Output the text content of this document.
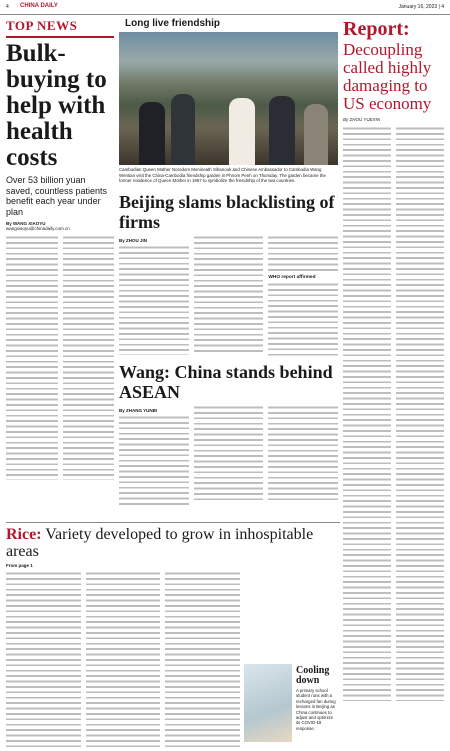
4 CHINA DAILY	January 16, 2023 | 4
TOP NEWS
Bulk-buying to help with health costs
Over 53 billion yuan saved, countless patients benefit each year under plan
By WANG XIAOYU
wangxiaoyu@chinadaily.com.cn
Long live friendship
Cambodian Queen Mother Norodom Monineath Sihanouk and Chinese Ambassador to Cambodia Wang Wentian visit the China-Cambodia friendship garden in Phnom Penh on Thursday. The garden became the former residence of Queen Mother in 1967 to symbolize the friendship of the two countries.
Beijing slams blacklisting of firms
By ZHOU JIN
WHO report affirmed
Wang: China stands behind ASEAN
By ZHANG YUNBI
Report:
Decoupling called highly damaging to US economy
By ZHOU YUEXIN
Rice: Variety developed to grow in inhospitable areas
From page 1
Cooling down
A primary school student runs with a recharged fan during lessons in Beijing as China continues to adjust and optimize its COVID-19 response.
